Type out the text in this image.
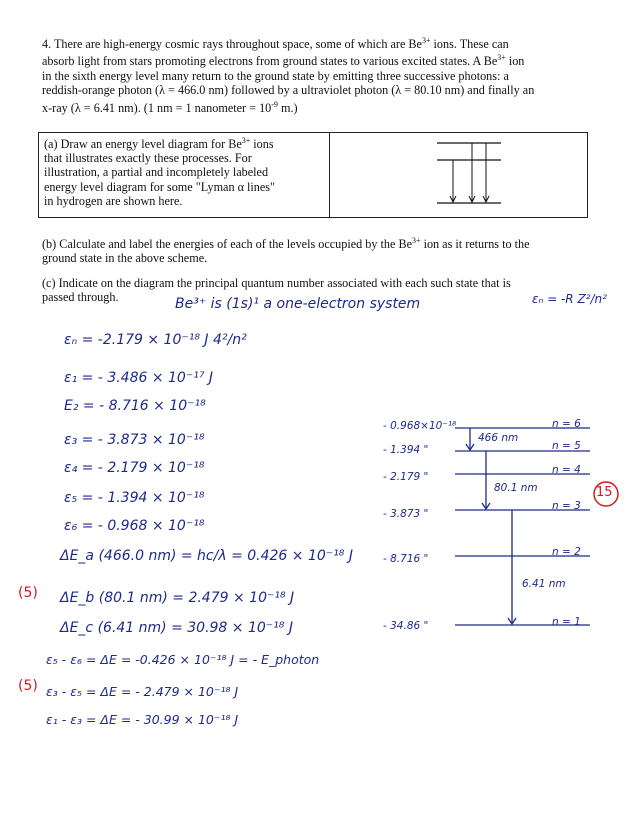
4. There are high-energy cosmic rays throughout space, some of which are $Be^{3+}$ ions. These can
absorb light from stars promoting electrons from ground states to various excited states. A $Be^{3+}$ ion
in the sixth energy level many return to the ground state by emitting three successive photons: a
reddish-orange photon (λ = 466.0 nm) followed by a ultraviolet photon (λ = 80.10 nm) and finally an
x-ray (λ = 6.41 nm). (1 nm = 1 nanometer = $10^{-9}$ m.)
(a) Draw an energy level diagram for $Be^{3+}$ ions
that illustrates exactly these processes. For
illustration, a partial and incompletely labeled
energy level diagram for some "Lyman α lines"
in hydrogen are shown here.
(b) Calculate and label the energies of each of the levels occupied by the $Be^{3+}$ ion as it returns to the
ground state in the above scheme.
(c) Indicate on the diagram the principal quantum number associated with each such state that is
passed through.	Be³⁺ is (1s)¹ a one-electron system	εₙ = -R Z²/n²
εₙ = -2.179 × 10⁻¹⁸ J 4²/n²
ε₁ = - 3.486 × 10⁻¹⁷ J
E₂ = - 8.716 × 10⁻¹⁸
ε₃ = - 3.873 × 10⁻¹⁸
ε₄ = - 2.179 × 10⁻¹⁸
ε₅ = - 1.394 × 10⁻¹⁸
ε₆ = - 0.968 × 10⁻¹⁸
ΔE_a (466.0 nm) = hc/λ = 0.426 × 10⁻¹⁸ J
ΔE_b (80.1 nm) = 2.479 × 10⁻¹⁸ J
ΔE_c (6.41 nm) = 30.98 × 10⁻¹⁸ J
ε₅ - ε₆ = ΔE = -0.426 × 10⁻¹⁸ J = - E_photon
ε₃ - ε₅ = ΔE = - 2.479 × 10⁻¹⁸ J
ε₁ - ε₃ = ΔE = - 30.99 × 10⁻¹⁸ J
(5)
(5)
15
- 0.968×10⁻¹⁸
- 1.394 "
- 2.179 "
- 3.873 "
- 8.716 "
- 34.86 "
n = 6
n = 5
n = 4
n = 3
n = 2
n = 1
466 nm
80.1 nm
6.41 nm
